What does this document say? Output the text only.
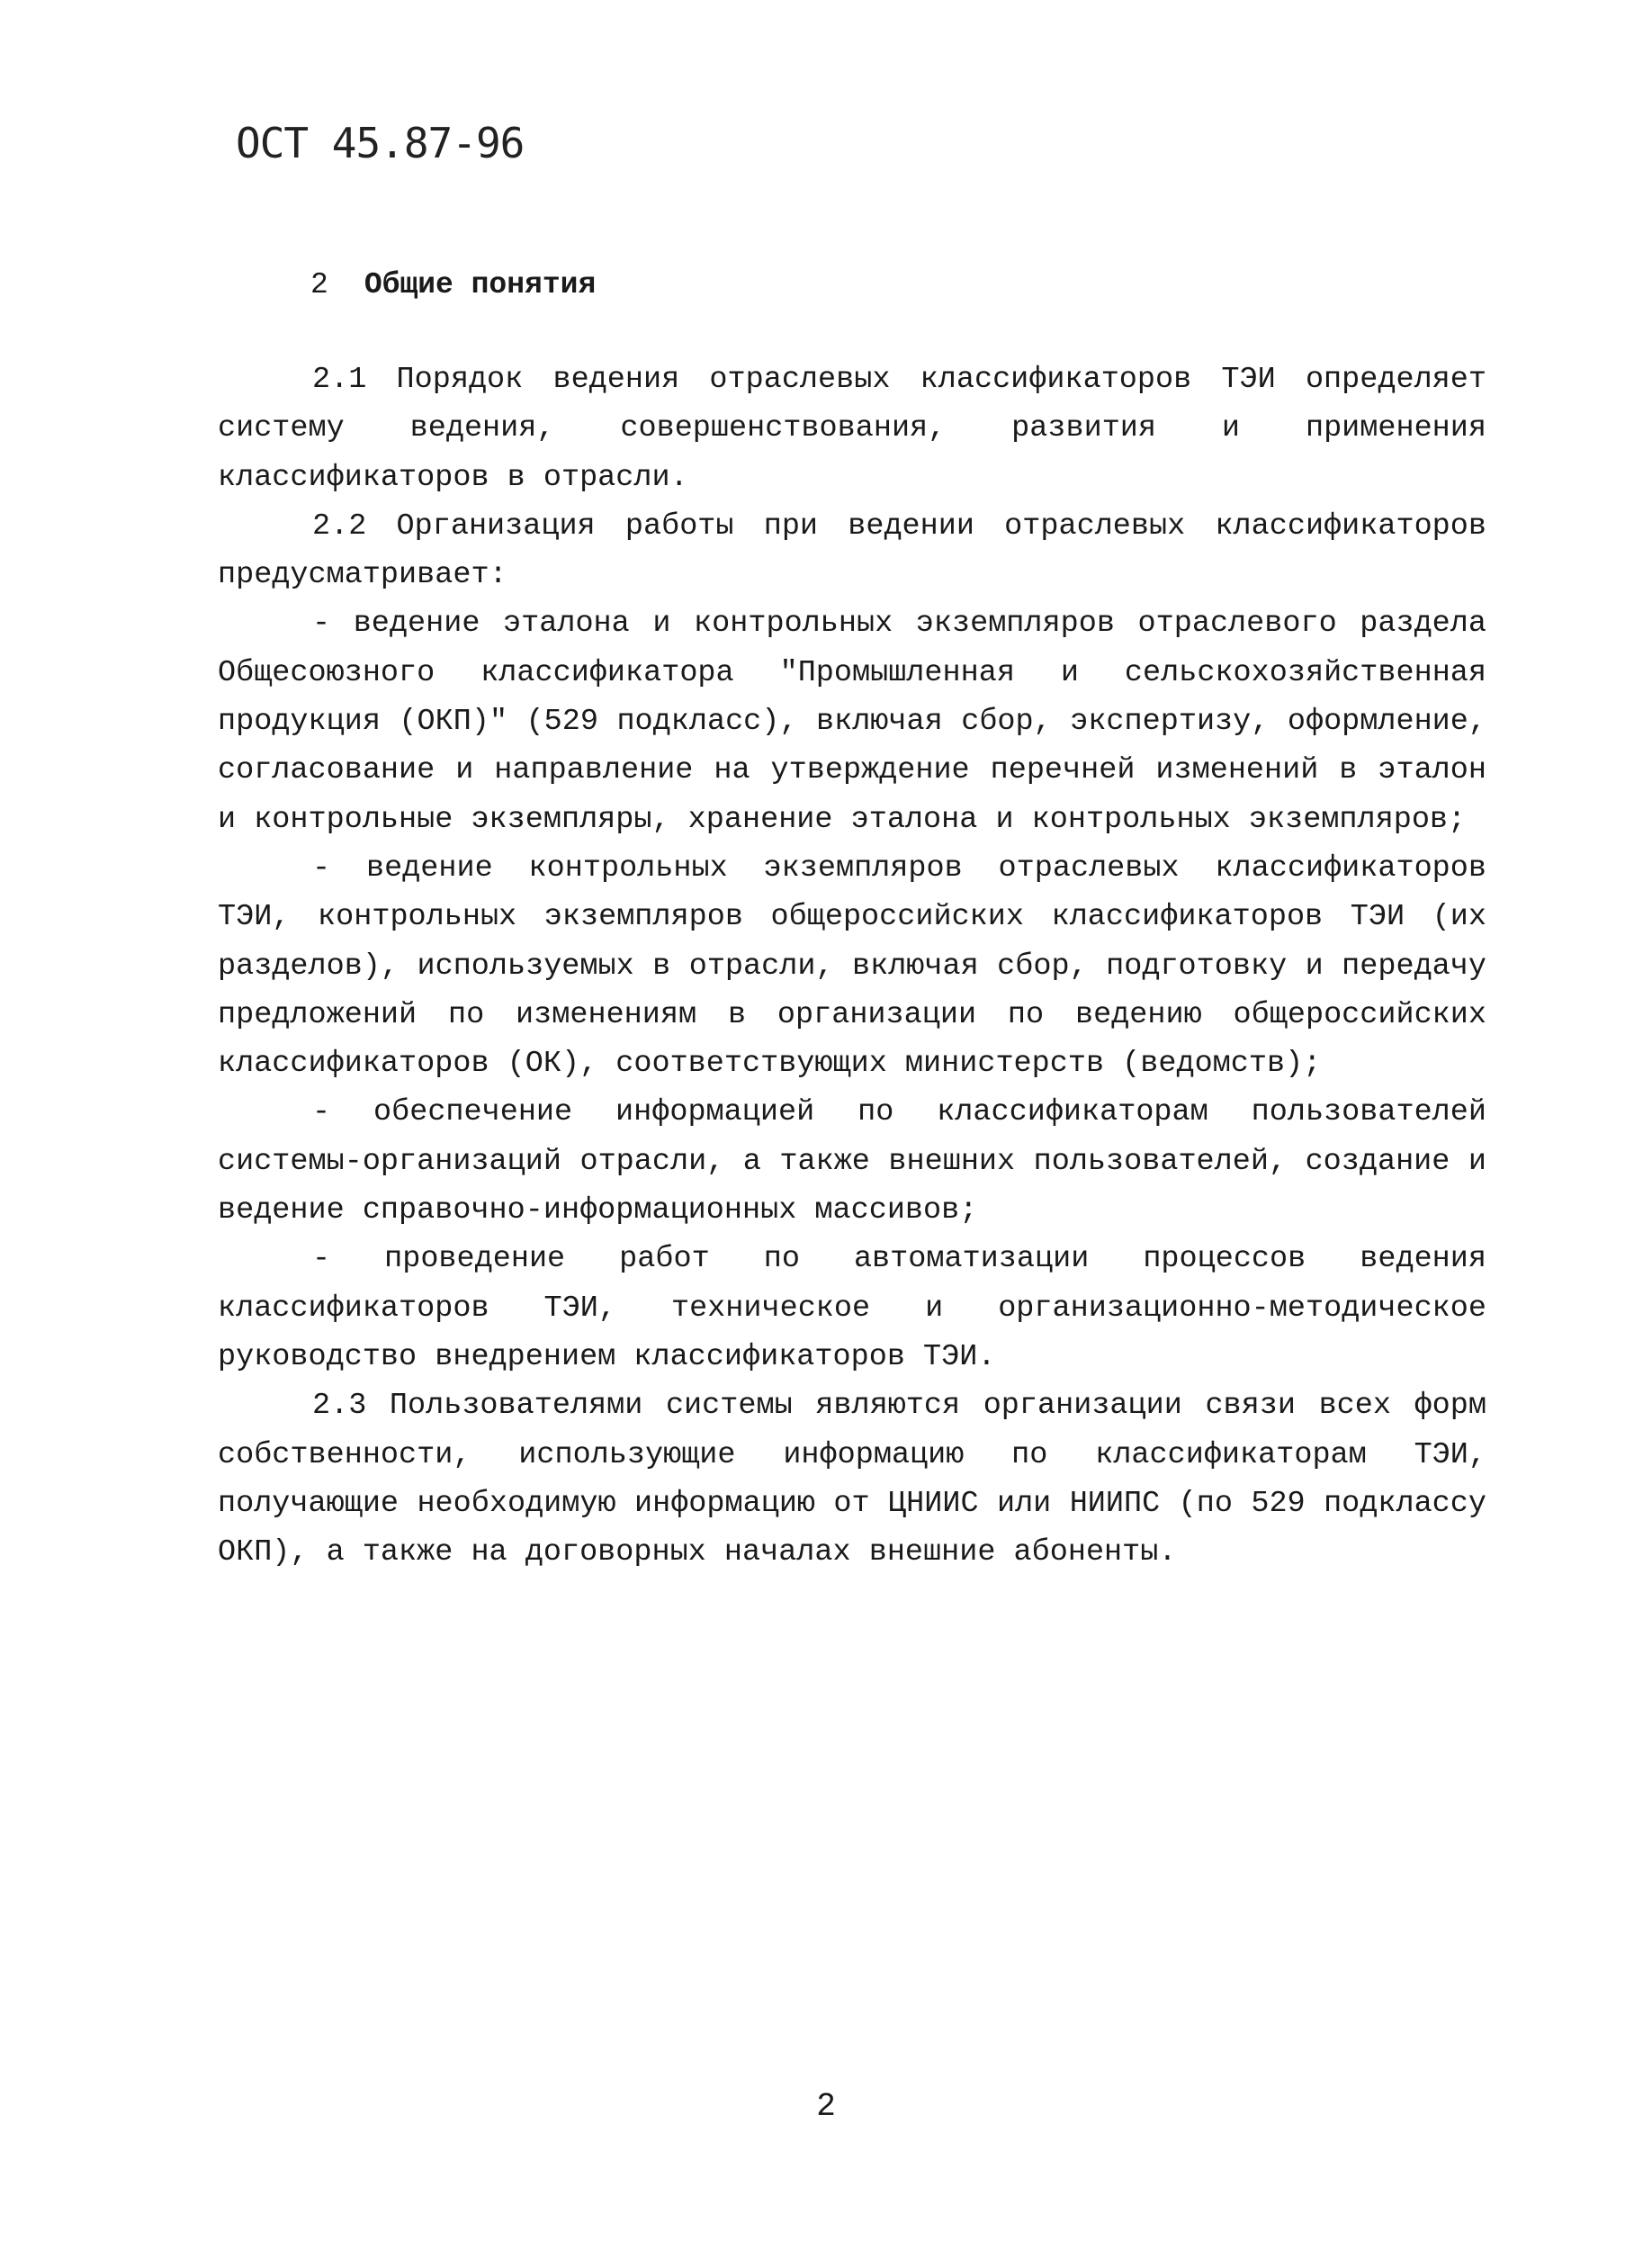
ОСТ 45.87-96
2 Общие понятия

2.1 Порядок ведения отраслевых классификаторов ТЭИ определяет систему ведения, совершенствования, развития и применения классификаторов в отрасли.

2.2 Организация работы при ведении отраслевых классификаторов предусматривает:

- ведение эталона и контрольных экземпляров отраслевого раздела Общесоюзного классификатора "Промышленная и сельскохозяйственная продукция (ОКП)" (529 подкласс), включая сбор, экспертизу, оформление, согласование и направление на утверждение перечней изменений в эталон и контрольные экземпляры, хранение эталона и контрольных экземпляров;

- ведение контрольных экземпляров отраслевых классификаторов ТЭИ, контрольных экземпляров общероссийских классификаторов ТЭИ (их разделов), используемых в отрасли, включая сбор, подготовку и передачу предложений по изменениям в организации по ведению общероссийских классификаторов (ОК), соответствующих министерств (ведомств);

- обеспечение информацией по классификаторам пользователей системы-организаций отрасли, а также внешних пользователей, создание и ведение справочно-информационных массивов;

- проведение работ по автоматизации процессов ведения классификаторов ТЭИ, техническое и организационно-методическое руководство внедрением классификаторов ТЭИ.

2.3 Пользователями системы являются организации связи всех форм собственности, использующие информацию по классификаторам ТЭИ, получающие необходимую информацию от ЦНИИС или НИИПС (по 529 подклассу ОКП), а также на договорных началах внешние абоненты.

2
